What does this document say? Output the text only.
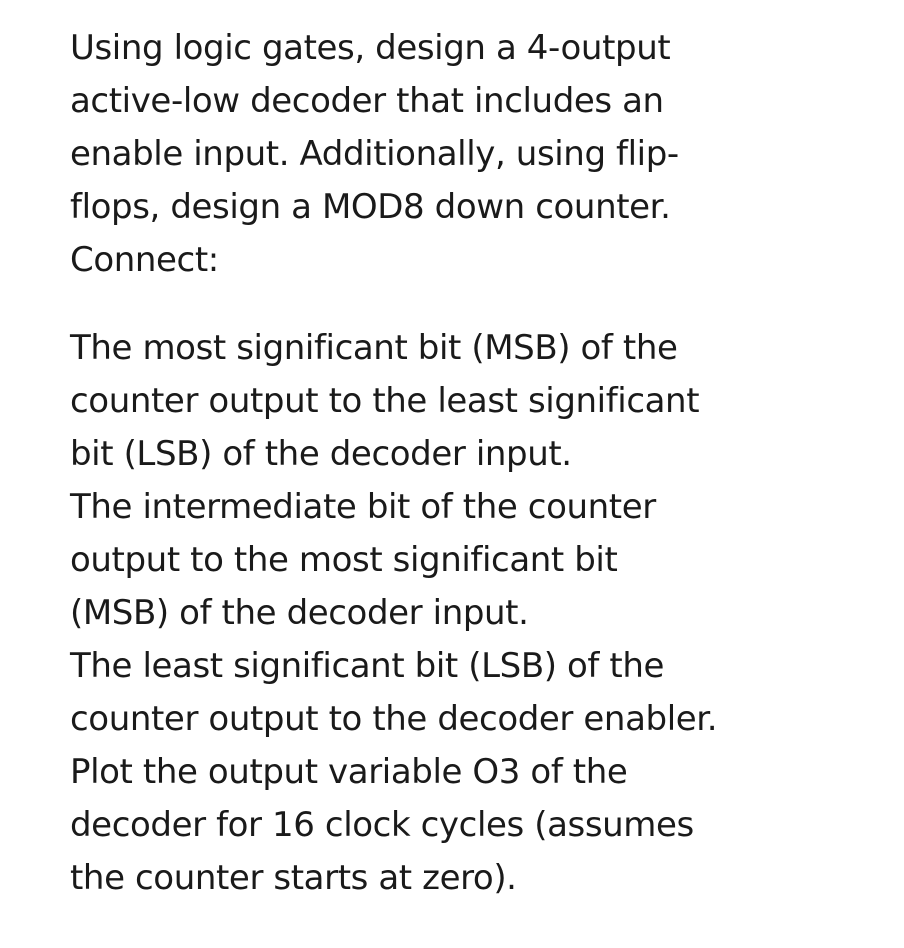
Using logic gates, design a 4-output
active-low decoder that includes an
enable input. Additionally, using flip-
flops, design a MOD8 down counter.
Connect:
The most significant bit (MSB) of the
counter output to the least significant
bit (LSB) of the decoder input.
The intermediate bit of the counter
output to the most significant bit
(MSB) of the decoder input.
The least significant bit (LSB) of the
counter output to the decoder enabler.
Plot the output variable O3 of the
decoder for 16 clock cycles (assumes
the counter starts at zero).
